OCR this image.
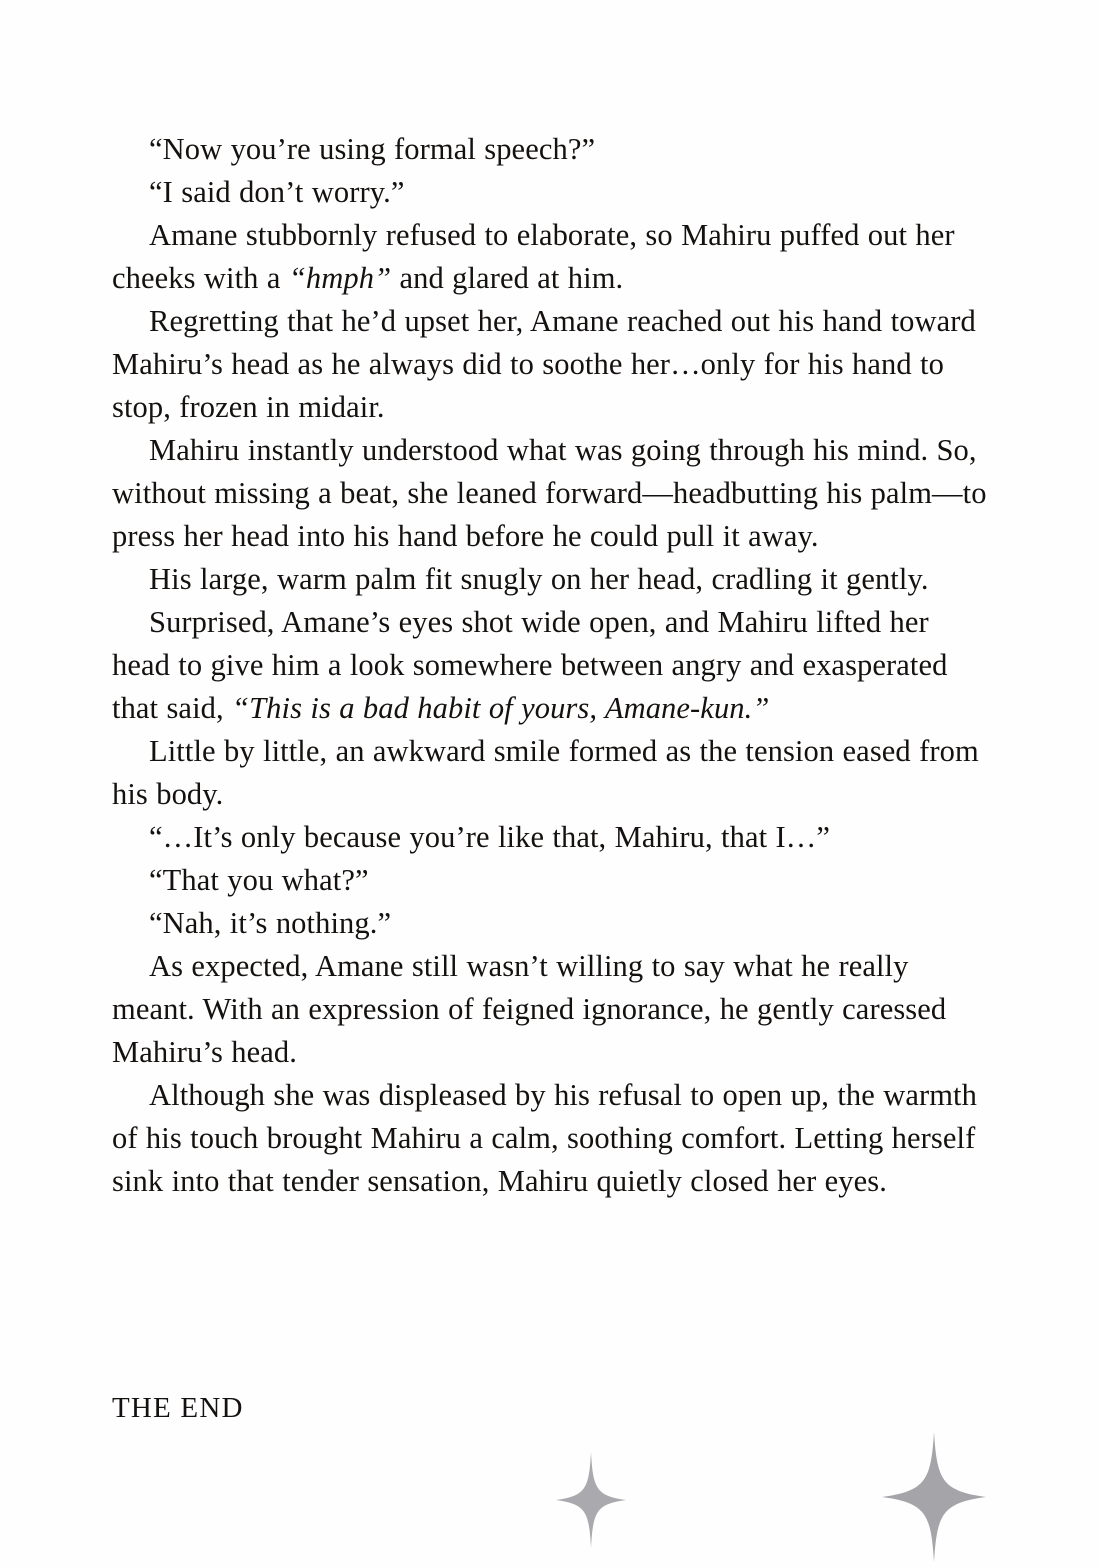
“Now you’re using formal speech?”

“I said don’t worry.”

Amane stubbornly refused to elaborate, so Mahiru puffed out her cheeks with a “hmph” and glared at him.

Regretting that he’d upset her, Amane reached out his hand toward Mahiru’s head as he always did to soothe her…only for his hand to stop, frozen in midair.

Mahiru instantly understood what was going through his mind. So, without missing a beat, she leaned forward—headbutting his palm—to press her head into his hand before he could pull it away.

His large, warm palm fit snugly on her head, cradling it gently.

Surprised, Amane’s eyes shot wide open, and Mahiru lifted her head to give him a look somewhere between angry and exasperated that said, “This is a bad habit of yours, Amane-kun.”

Little by little, an awkward smile formed as the tension eased from his body.

“…It’s only because you’re like that, Mahiru, that I…”

“That you what?”

“Nah, it’s nothing.”

As expected, Amane still wasn’t willing to say what he really meant. With an expression of feigned ignorance, he gently caressed Mahiru’s head.

Although she was displeased by his refusal to open up, the warmth of his touch brought Mahiru a calm, soothing comfort. Letting herself sink into that tender sensation, Mahiru quietly closed her eyes.

THE END
